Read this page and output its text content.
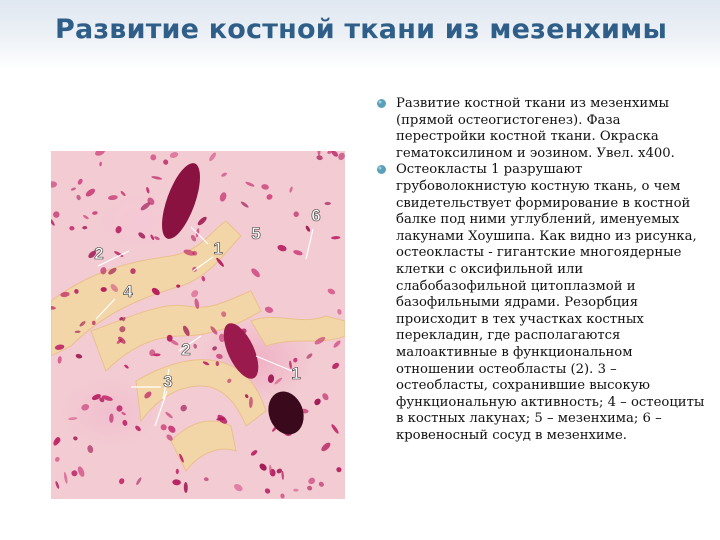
Развитие костной ткани из мезенхимы
1
1
2
2
3
4
5
6
Развитие костной ткани из мезенхимы (прямой остеогистогенез). Фаза перестройки костной ткани. Окраска гематоксилином и эозином. Увел. х400.
Остеокласты 1 разрушают грубоволокнистую костную ткань, о чем свидетельствует формирование в костной балке под ними углублений, именуемых лакунами Хоушипа. Как видно из рисунка, остеокласты - гигантские многоядерные клетки с оксифильной или слабобазофильной цитоплазмой и базофильными ядрами. Резорбция происходит в тех участках костных перекладин, где располагаются малоактивные в функциональном отношении остеобласты (2). 3 – остеобласты, сохранившие высокую функциональную активность; 4 – остеоциты в костных лакунах; 5 – мезенхима; 6 – кровеносный сосуд в мезенхиме.
